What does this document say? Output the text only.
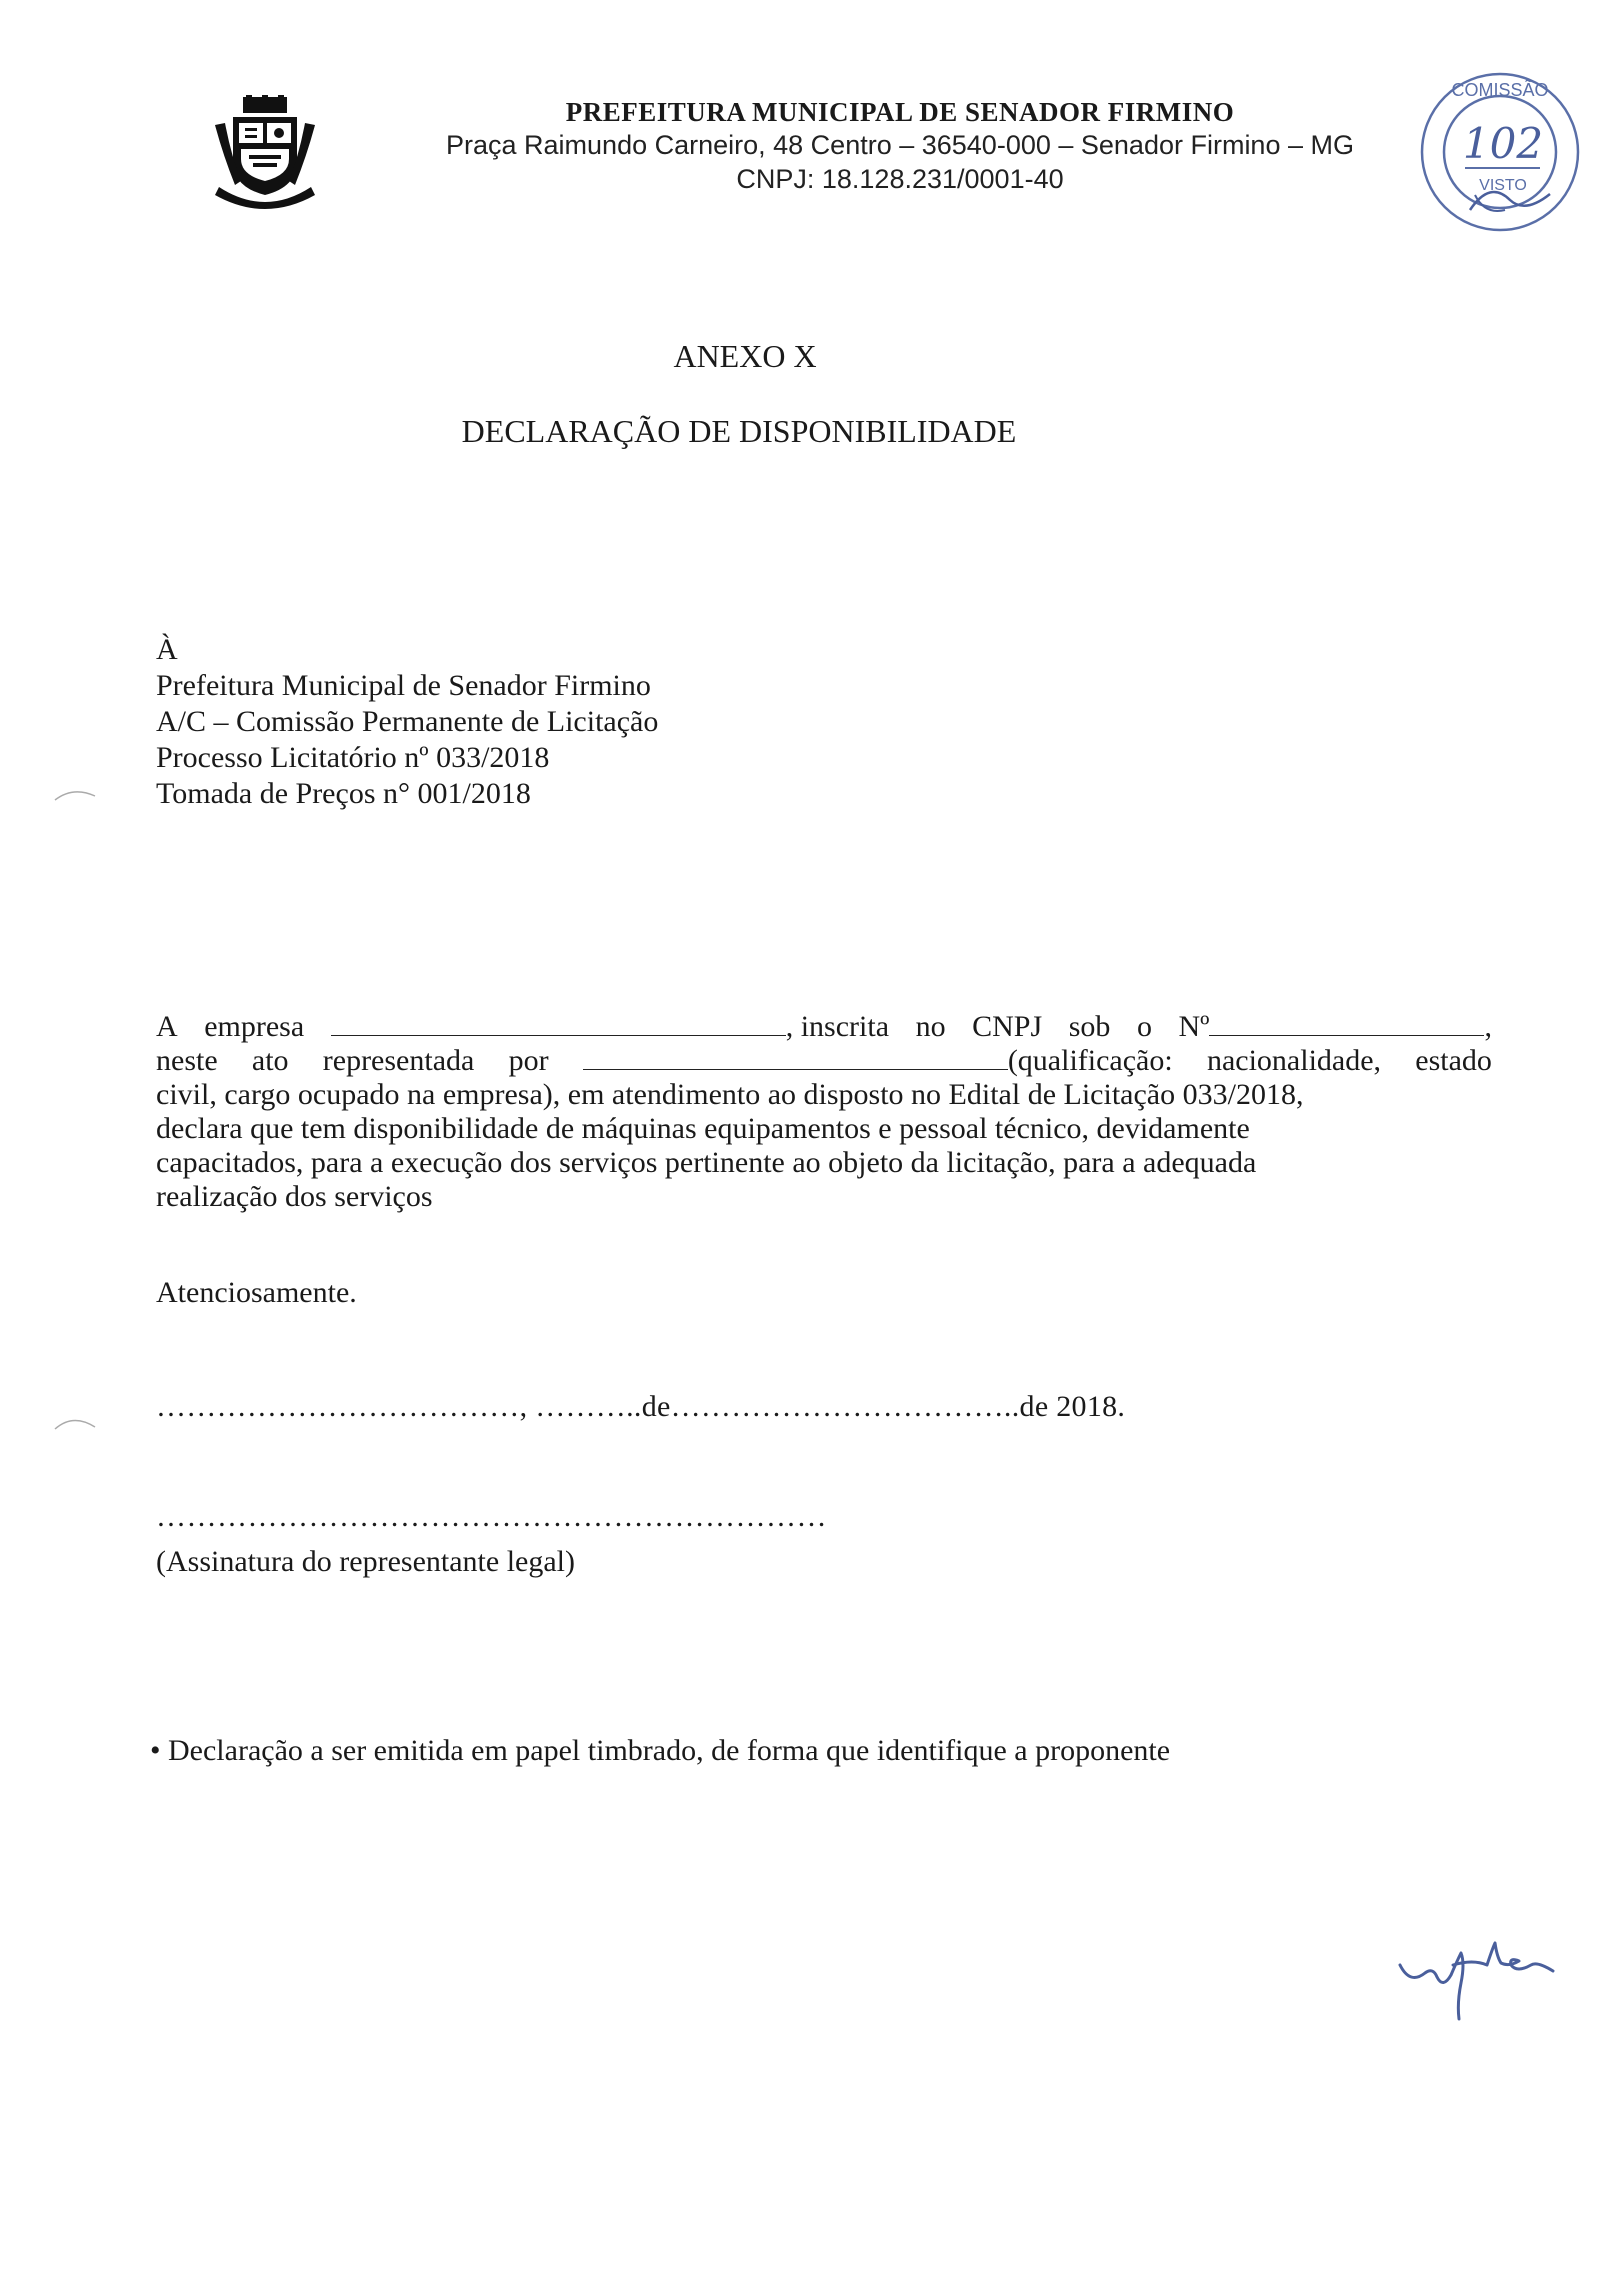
PREFEITURA MUNICIPAL DE SENADOR FIRMINO
Praça Raimundo Carneiro, 48 Centro – 36540-000 – Senador Firmino – MG
CNPJ: 18.128.231/0001-40
COMISSÃO
102
VISTO
ANEXO X
DECLARAÇÃO DE DISPONIBILIDADE
À
Prefeitura Municipal de Senador Firmino
A/C – Comissão Permanente de Licitação
Processo Licitatório nº 033/2018
Tomada de Preços n° 001/2018
A empresa	, inscrita no CNPJ sob o Nº	,
neste ato representada por	(qualificação: nacionalidade, estado
civil, cargo ocupado na empresa), em atendimento ao disposto no Edital de Licitação 033/2018,
declara que tem disponibilidade de máquinas equipamentos e pessoal técnico, devidamente
capacitados, para a execução dos serviços pertinente ao objeto da licitação, para a adequada
realização dos serviços
Atenciosamente.
………………………………, ………..de……………………………..de 2018.
…………………………………………………………
(Assinatura do representante legal)
• Declaração a ser emitida em papel timbrado, de forma que identifique a proponente
